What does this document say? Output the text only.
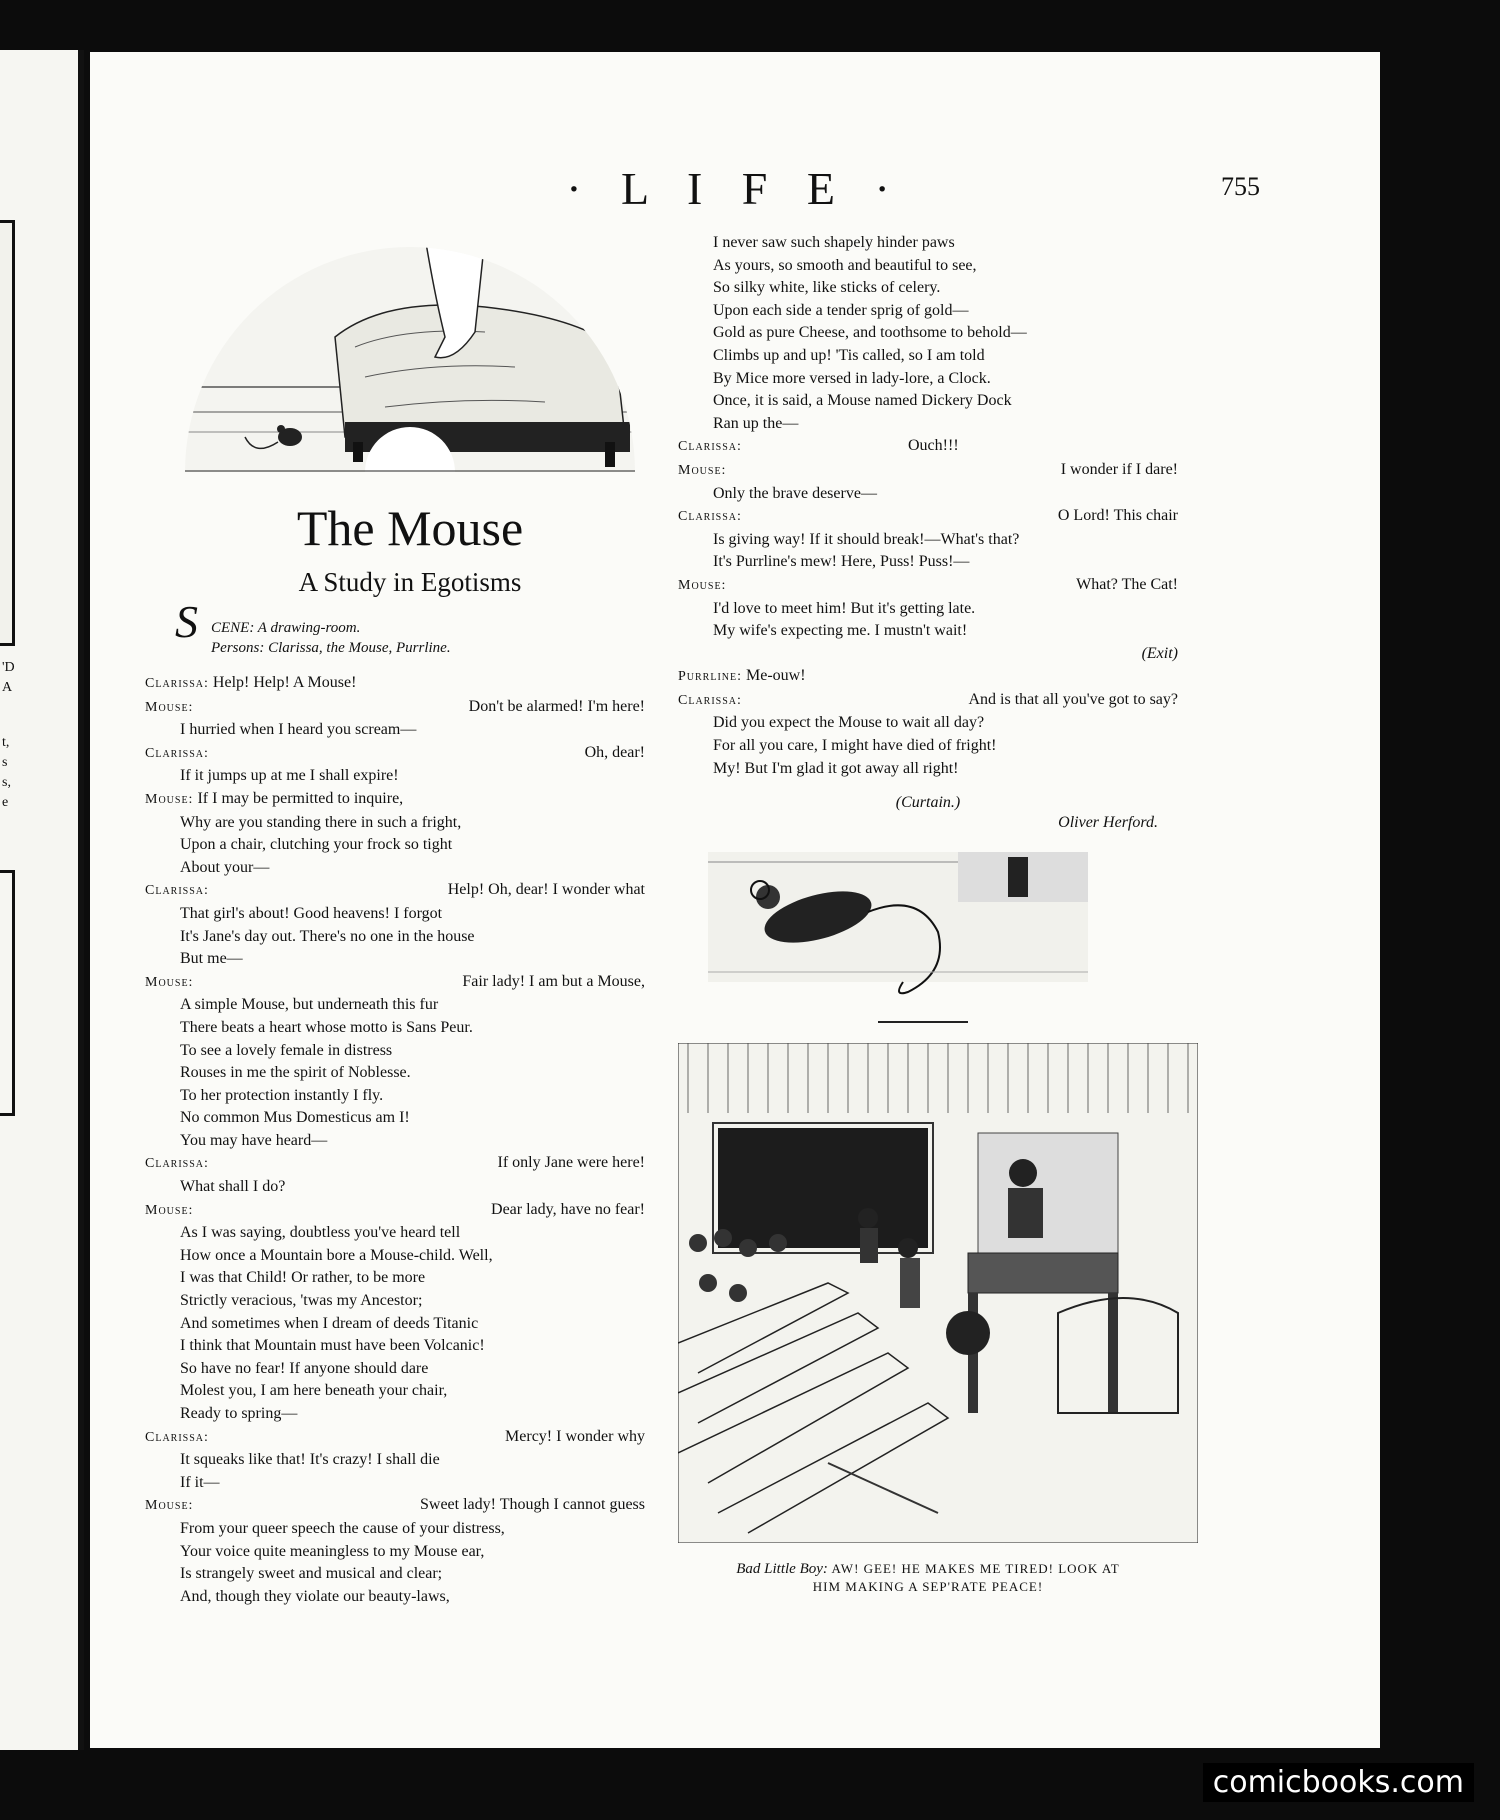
'D
A
t,
s
s,
e
· L I F E ·	755
The Mouse
A Study in Egotisms
S CENE: A drawing-room.
Persons: Clarissa, the Mouse, Purrline.
Clarissa: Help! Help! A Mouse!
Mouse:	Don't be alarmed! I'm here!
I hurried when I heard you scream—
Clarissa:	Oh, dear!
If it jumps up at me I shall expire!
Mouse: If I may be permitted to inquire,
Why are you standing there in such a fright,
Upon a chair, clutching your frock so tight
About your—
Clarissa:	Help! Oh, dear! I wonder what
That girl's about! Good heavens! I forgot
It's Jane's day out. There's no one in the house
But me—
Mouse:	Fair lady! I am but a Mouse,
A simple Mouse, but underneath this fur
There beats a heart whose motto is Sans Peur.
To see a lovely female in distress
Rouses in me the spirit of Noblesse.
To her protection instantly I fly.
No common Mus Domesticus am I!
You may have heard—
Clarissa:	If only Jane were here!
What shall I do?
Mouse:	Dear lady, have no fear!
As I was saying, doubtless you've heard tell
How once a Mountain bore a Mouse-child. Well,
I was that Child! Or rather, to be more
Strictly veracious, 'twas my Ancestor;
And sometimes when I dream of deeds Titanic
I think that Mountain must have been Volcanic!
So have no fear! If anyone should dare
Molest you, I am here beneath your chair,
Ready to spring—
Clarissa:	Mercy! I wonder why
It squeaks like that! It's crazy! I shall die
If it—
Mouse:	Sweet lady! Though I cannot guess
From your queer speech the cause of your distress,
Your voice quite meaningless to my Mouse ear,
Is strangely sweet and musical and clear;
And, though they violate our beauty-laws,
I never saw such shapely hinder paws
As yours, so smooth and beautiful to see,
So silky white, like sticks of celery.
Upon each side a tender sprig of gold—
Gold as pure Cheese, and toothsome to behold—
Climbs up and up! 'Tis called, so I am told
By Mice more versed in lady-lore, a Clock.
Once, it is said, a Mouse named Dickery Dock
Ran up the—
Clarissa:	Ouch!!!
Mouse:	I wonder if I dare!
Only the brave deserve—
Clarissa:	O Lord! This chair
Is giving way! If it should break!—What's that?
It's Purrline's mew! Here, Puss! Puss!—
Mouse:	What? The Cat!
I'd love to meet him! But it's getting late.
My wife's expecting me. I mustn't wait!
(Exit)
Purrline: Me-ouw!
Clarissa:	And is that all you've got to say?
Did you expect the Mouse to wait all day?
For all you care, I might have died of fright!
My! But I'm glad it got away all right!
(Curtain.)
Oliver Herford.
Bad Little Boy: AW! GEE! HE MAKES ME TIRED! LOOK AT
HIM MAKING A SEP'RATE PEACE!
comicbooks.com
